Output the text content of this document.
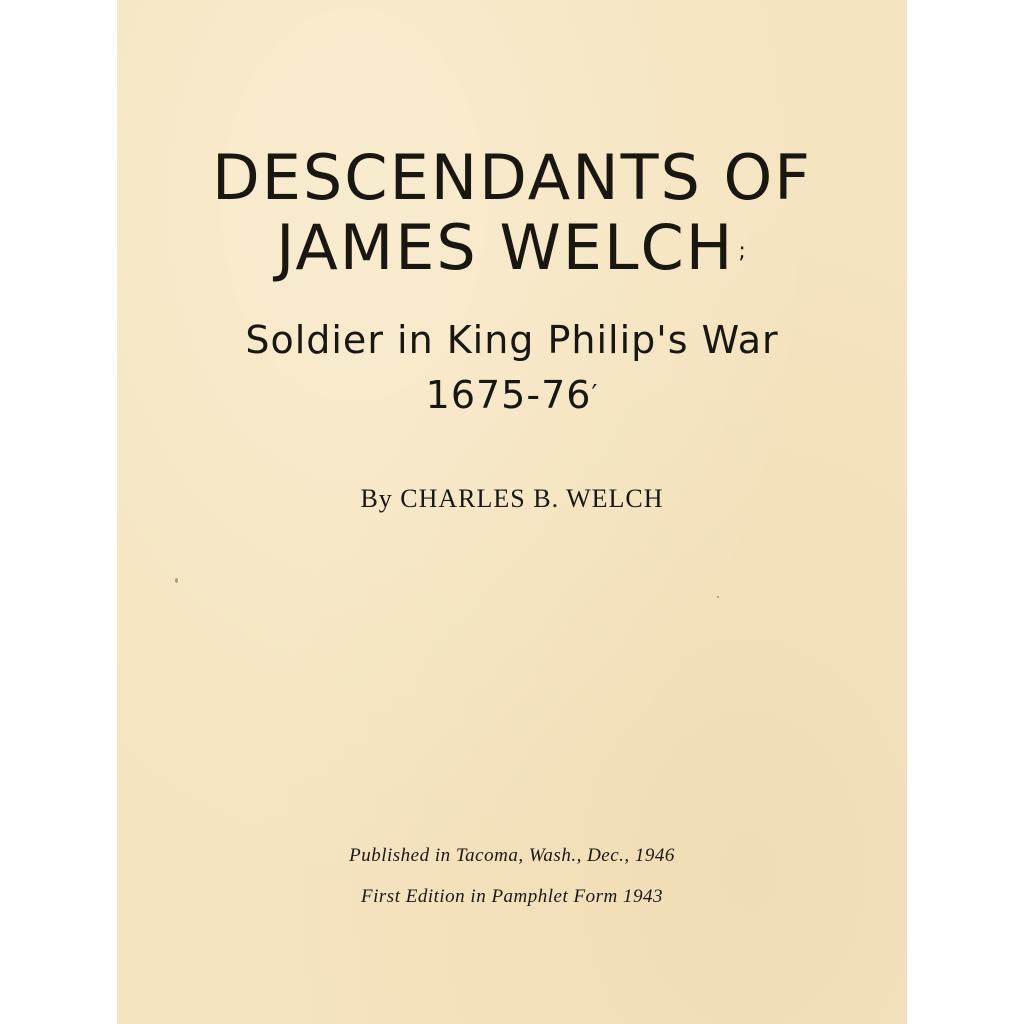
DESCENDANTS OF
JAMES WELCH ;
Soldier in King Philip's War
1675-76′
By CHARLES B. WELCH
Published in Tacoma, Wash., Dec., 1946
First Edition in Pamphlet Form 1943
